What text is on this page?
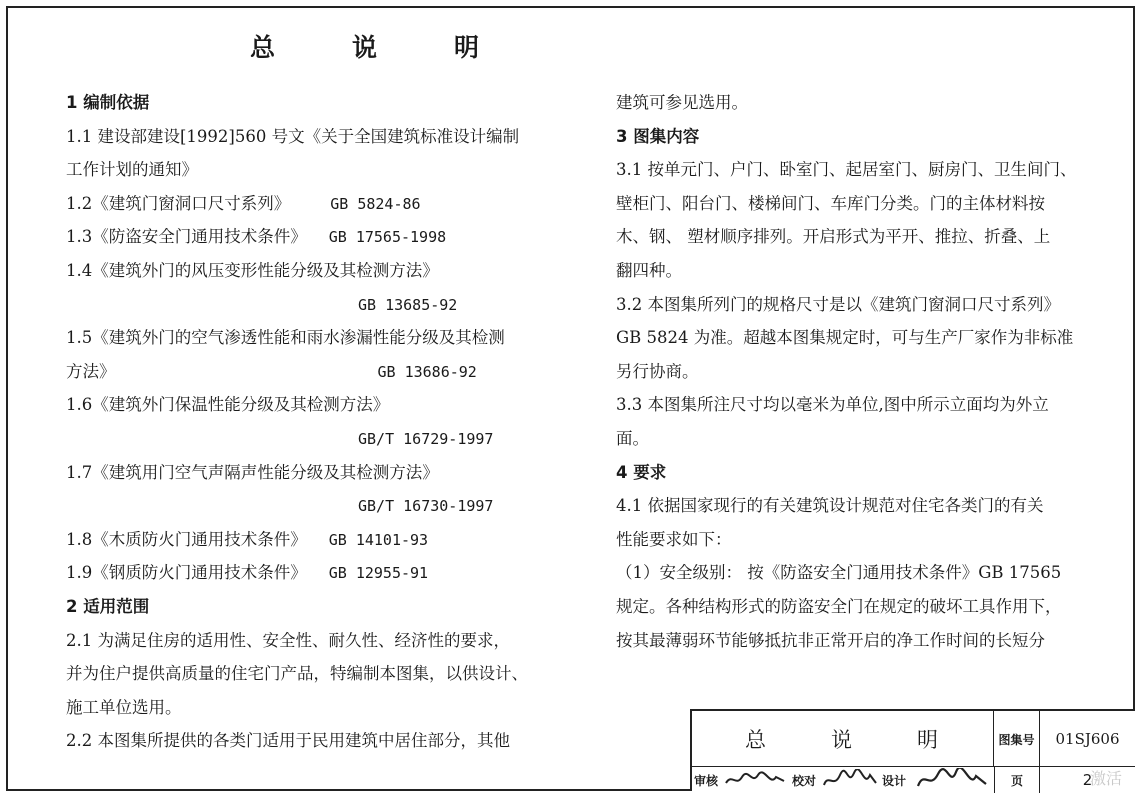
总　说　明
1 编制依据
1.1 建设部建设[1992]560 号文《关于全国建筑标准设计编制
工作计划的通知》
1.2《建筑门窗洞口尺寸系列》	GB 5824-86
1.3《防盗安全门通用技术条件》 GB 17565-1998
1.4《建筑外门的风压变形性能分级及其检测方法》
GB 13685-92
1.5《建筑外门的空气渗透性能和雨水渗漏性能分级及其检测
方法》	GB 13686-92
1.6《建筑外门保温性能分级及其检测方法》
GB/T 16729-1997
1.7《建筑用门空气声隔声性能分级及其检测方法》
GB/T 16730-1997
1.8《木质防火门通用技术条件》 GB 14101-93
1.9《钢质防火门通用技术条件》 GB 12955-91
2 适用范围
2.1 为满足住房的适用性、安全性、耐久性、经济性的要求，
并为住户提供高质量的住宅门产品，特编制本图集，以供设计、
施工单位选用。
2.2 本图集所提供的各类门适用于民用建筑中居住部分，其他
建筑可参见选用。
3 图集内容
3.1 按单元门、户门、卧室门、起居室门、厨房门、卫生间门、
壁柜门、阳台门、楼梯间门、车库门分类。门的主体材料按
木、钢、 塑材顺序排列。开启形式为平开、推拉、折叠、上
翻四种。
3.2 本图集所列门的规格尺寸是以《建筑门窗洞口尺寸系列》
GB 5824 为准。超越本图集规定时，可与生产厂家作为非标准
另行协商。
3.3 本图集所注尺寸均以毫米为单位,图中所示立面均为外立
面。
4 要求
4.1 依据国家现行的有关建筑设计规范对住宅各类门的有关
性能要求如下：
（1）安全级别： 按《防盗安全门通用技术条件》GB 17565
规定。各种结构形式的防盗安全门在规定的破坏工具作用下，
按其最薄弱环节能够抵抗非正常开启的净工作时间的长短分
总　说　明	图集号	01SJ606
审核	校对	设计	页	2
激活
